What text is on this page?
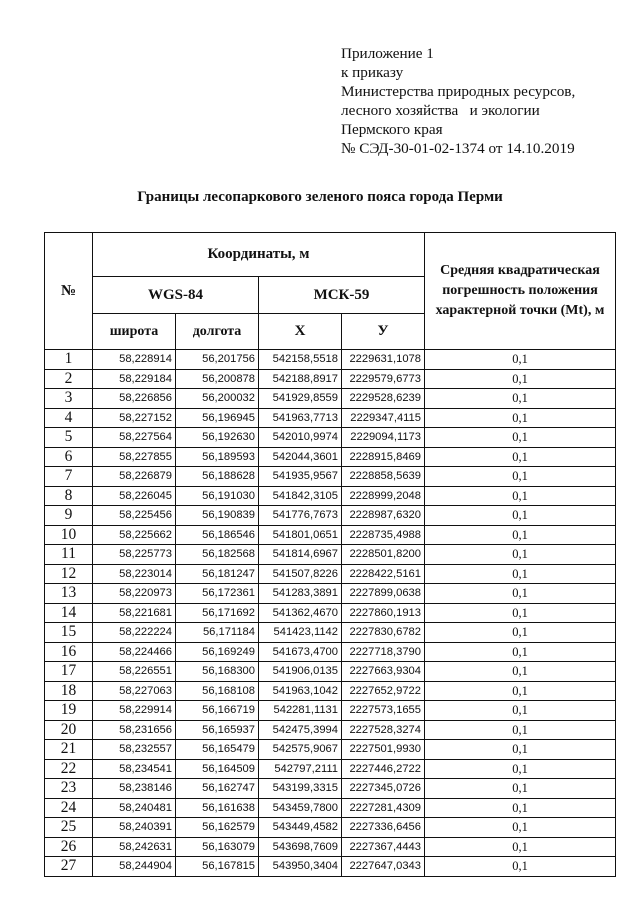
Приложение 1
к приказу
Министерства природных ресурсов,
лесного хозяйства   и экологии
Пермского края
№ СЭД-30-01-02-1374 от 14.10.2019
Границы лесопаркового зеленого пояса города Перми
№	Координаты, м				Средняя квадратическая погрешность положения характерной точки (Mt), м
	WGS-84		МСК-59		
	широта	долгота	X	У	
1	58,228914	56,201756	542158,5518	2229631,1078	0,1
2	58,229184	56,200878	542188,8917	2229579,6773	0,1
3	58,226856	56,200032	541929,8559	2229528,6239	0,1
4	58,227152	56,196945	541963,7713	2229347,4115	0,1
5	58,227564	56,192630	542010,9974	2229094,1173	0,1
6	58,227855	56,189593	542044,3601	2228915,8469	0,1
7	58,226879	56,188628	541935,9567	2228858,5639	0,1
8	58,226045	56,191030	541842,3105	2228999,2048	0,1
9	58,225456	56,190839	541776,7673	2228987,6320	0,1
10	58,225662	56,186546	541801,0651	2228735,4988	0,1
11	58,225773	56,182568	541814,6967	2228501,8200	0,1
12	58,223014	56,181247	541507,8226	2228422,5161	0,1
13	58,220973	56,172361	541283,3891	2227899,0638	0,1
14	58,221681	56,171692	541362,4670	2227860,1913	0,1
15	58,222224	56,171184	541423,1142	2227830,6782	0,1
16	58,224466	56,169249	541673,4700	2227718,3790	0,1
17	58,226551	56,168300	541906,0135	2227663,9304	0,1
18	58,227063	56,168108	541963,1042	2227652,9722	0,1
19	58,229914	56,166719	542281,1131	2227573,1655	0,1
20	58,231656	56,165937	542475,3994	2227528,3274	0,1
21	58,232557	56,165479	542575,9067	2227501,9930	0,1
22	58,234541	56,164509	542797,2111	2227446,2722	0,1
23	58,238146	56,162747	543199,3315	2227345,0726	0,1
24	58,240481	56,161638	543459,7800	2227281,4309	0,1
25	58,240391	56,162579	543449,4582	2227336,6456	0,1
26	58,242631	56,163079	543698,7609	2227367,4443	0,1
27	58,244904	56,167815	543950,3404	2227647,0343	0,1
